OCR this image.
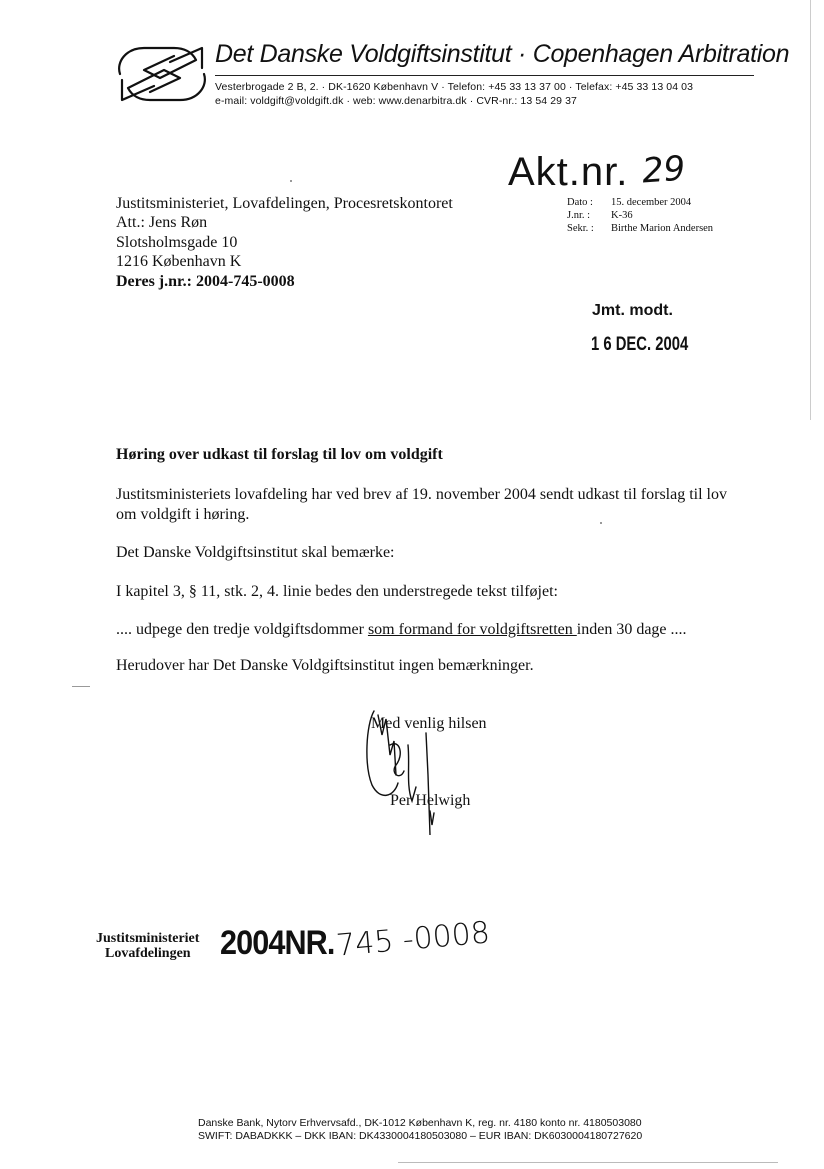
Det Danske Voldgiftsinstitut · Copenhagen Arbitration
Vesterbrogade 2 B, 2. · DK-1620 København V · Telefon: +45 33 13 37 00 · Telefax: +45 33 13 04 03
e-mail: voldgift@voldgift.dk · web: www.denarbitra.dk · CVR-nr.: 13 54 29 37
Akt.nr. 29
Justitsministeriet, Lovafdelingen, Procesretskontoret
Att.: Jens Røn
Slotsholmsgade 10
1216 København K
Deres j.nr.: 2004-745-0008
Dato : 15. december 2004
J.nr. : K-36
Sekr. : Birthe Marion Andersen
Jmt. modt.
1 6 DEC. 2004
Høring over udkast til forslag til lov om voldgift
Justitsministeriets lovafdeling har ved brev af 19. november 2004 sendt udkast til forslag til lov om voldgift i høring.
Det Danske Voldgiftsinstitut skal bemærke:
I kapitel 3, § 11, stk. 2, 4. linie bedes den understregede tekst tilføjet:
.... udpege den tredje voldgiftsdommer som formand for voldgiftsretten inden 30 dage ....
Herudover har Det Danske Voldgiftsinstitut ingen bemærkninger.
Med venlig hilsen
Per Helwigh
Justitsministeriet
Lovafdelingen 2004NR. 745 -0008
Danske Bank, Nytorv Erhvervsafd., DK-1012 København K, reg. nr. 4180 konto nr. 4180503080
SWIFT: DABADKKK – DKK IBAN: DK4330004180503080 – EUR IBAN: DK6030004180727620
